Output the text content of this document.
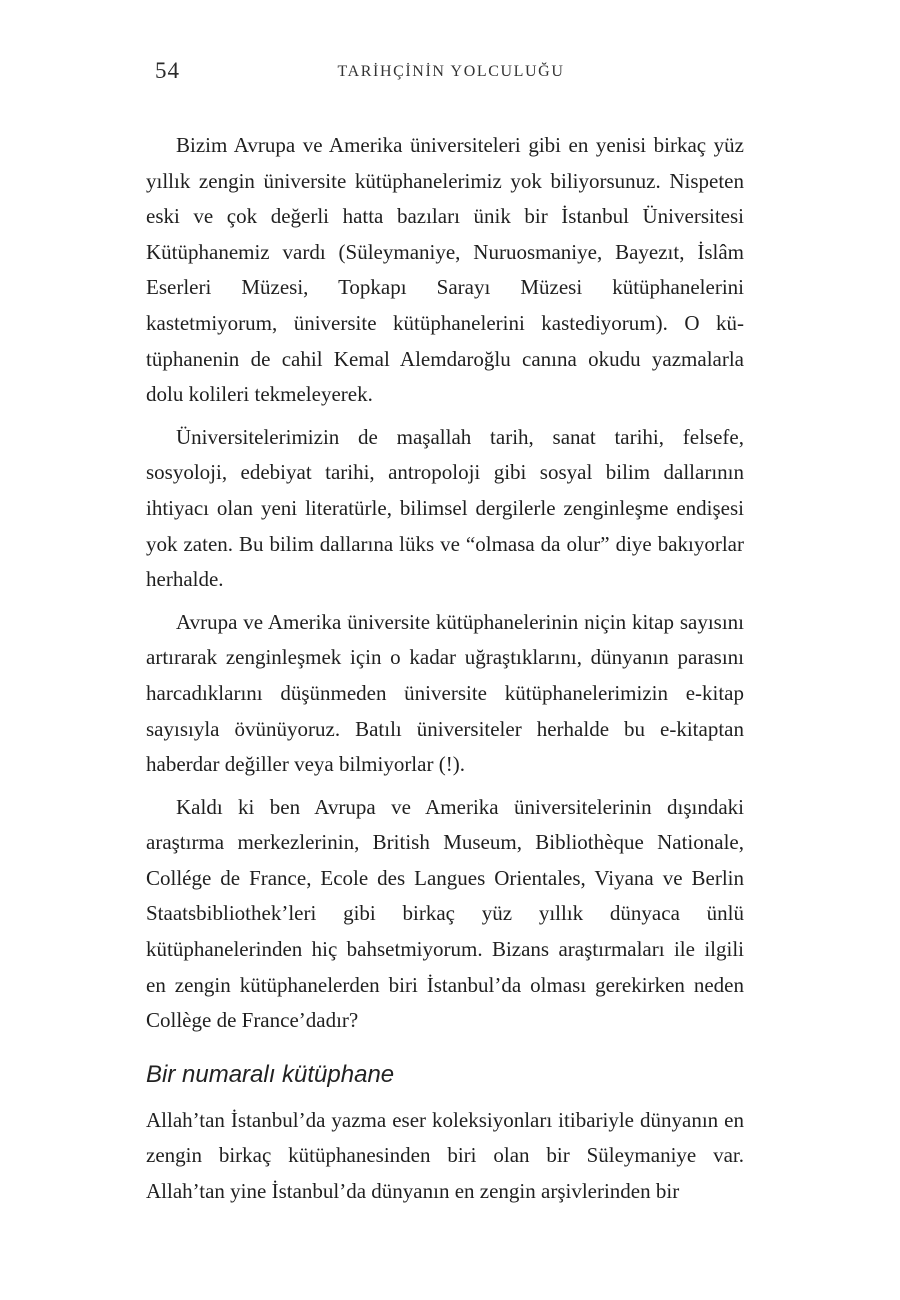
54	TARİHÇİNİN YOLCULUĞU

Bizim Avrupa ve Amerika üniversiteleri gibi en yenisi birkaç yüz yıllık zengin üniversite kütüphanelerimiz yok biliyorsunuz. Nispeten eski ve çok değerli hatta bazıları ünik bir İstanbul Üniversitesi Kütüphanemiz vardı (Süleymaniye, Nuruosmaniye, Bayezıt, İslâm Eserleri Müzesi, Topkapı Sarayı Müzesi kütüphanelerini kastetmiyorum, üniversite kütüphanelerini kastediyorum). O kütüphanenin de cahil Kemal Alemdaroğlu canına okudu yazmalarla dolu kolileri tekmeleyerek.

Üniversitelerimizin de maşallah tarih, sanat tarihi, felsefe, sosyoloji, edebiyat tarihi, antropoloji gibi sosyal bilim dallarının ihtiyacı olan yeni literatürle, bilimsel dergilerle zenginleşme endişesi yok zaten. Bu bilim dallarına lüks ve “olmasa da olur” diye bakıyorlar herhalde.

Avrupa ve Amerika üniversite kütüphanelerinin niçin kitap sayısını artırarak zenginleşmek için o kadar uğraştıklarını, dünyanın parasını harcadıklarını düşünmeden üniversite kütüphanelerimizin e-kitap sayısıyla övünüyoruz. Batılı üniversiteler herhalde bu e-kitaptan haberdar değiller veya bilmiyorlar (!).

Kaldı ki ben Avrupa ve Amerika üniversitelerinin dışındaki araştırma merkezlerinin, British Museum, Bibliothèque Nationale, Collége de France, Ecole des Langues Orientales, Viyana ve Berlin Staatsbibliothek’leri gibi birkaç yüz yıllık dünyaca ünlü kütüphanelerinden hiç bahsetmiyorum. Bizans araştırmaları ile ilgili en zengin kütüphanelerden biri İstanbul’da olması gerekirken neden Collège de France’dadır?

Bir numaralı kütüphane

Allah’tan İstanbul’da yazma eser koleksiyonları itibariyle dünyanın en zengin birkaç kütüphanesinden biri olan bir Süleymaniye var. Allah’tan yine İstanbul’da dünyanın en zengin arşivlerinden bir
